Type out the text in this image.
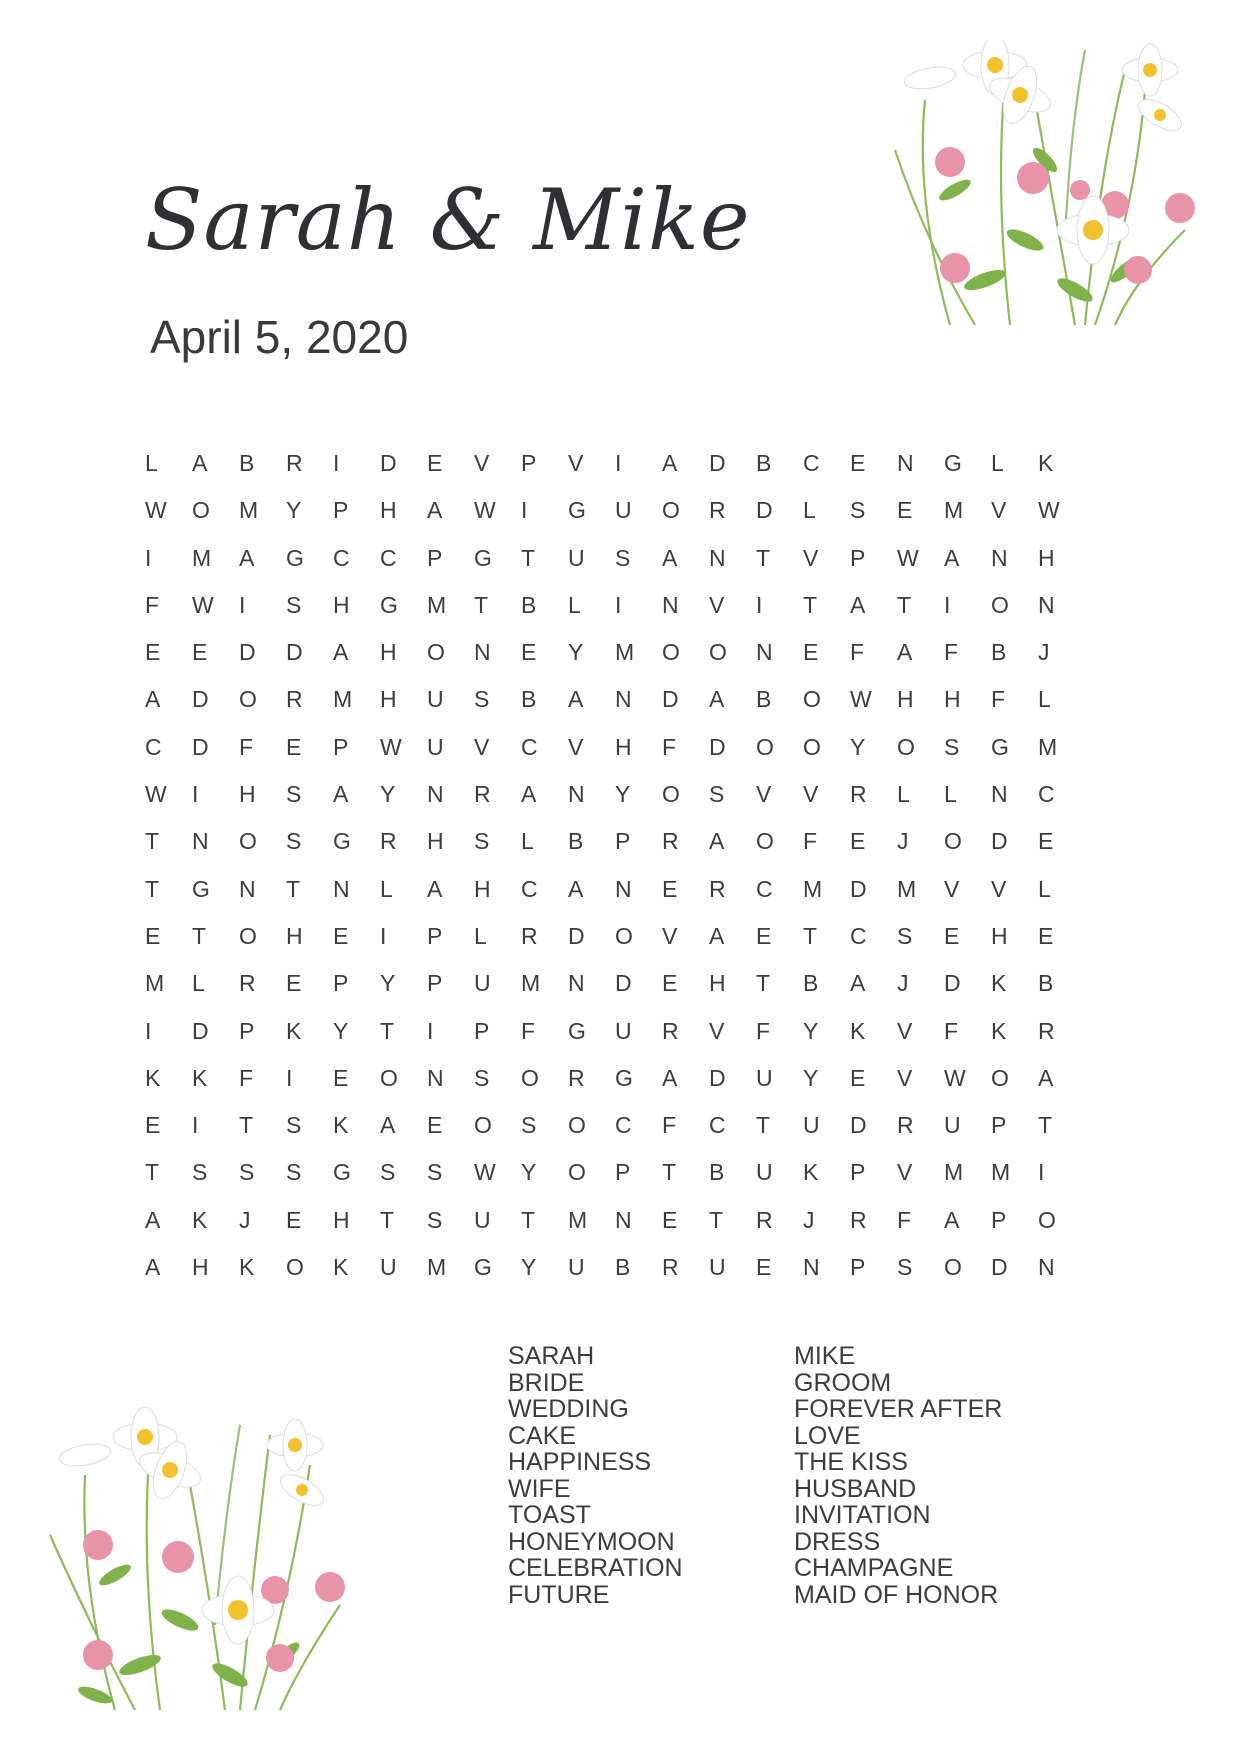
Sarah & Mike
April 5, 2020
L	A	B	R	I	D	E	V	P	V	I	A	D	B	C	E	N	G	L	K
W	O	M	Y	P	H	A	W	I	G	U	O	R	D	L	S	E	M	V	W
I	M	A	G	C	C	P	G	T	U	S	A	N	T	V	P	W	A	N	H
F	W	I	S	H	G	M	T	B	L	I	N	V	I	T	A	T	I	O	N
E	E	D	D	A	H	O	N	E	Y	M	O	O	N	E	F	A	F	B	J
A	D	O	R	M	H	U	S	B	A	N	D	A	B	O	W	H	H	F	L
C	D	F	E	P	W	U	V	C	V	H	F	D	O	O	Y	O	S	G	M
W	I	H	S	A	Y	N	R	A	N	Y	O	S	V	V	R	L	L	N	C
T	N	O	S	G	R	H	S	L	B	P	R	A	O	F	E	J	O	D	E
T	G	N	T	N	L	A	H	C	A	N	E	R	C	M	D	M	V	V	L
E	T	O	H	E	I	P	L	R	D	O	V	A	E	T	C	S	E	H	E
M	L	R	E	P	Y	P	U	M	N	D	E	H	T	B	A	J	D	K	B
I	D	P	K	Y	T	I	P	F	G	U	R	V	F	Y	K	V	F	K	R
K	K	F	I	E	O	N	S	O	R	G	A	D	U	Y	E	V	W	O	A
E	I	T	S	K	A	E	O	S	O	C	F	C	T	U	D	R	U	P	T
T	S	S	S	G	S	S	W	Y	O	P	T	B	U	K	P	V	M	M	I
A	K	J	E	H	T	S	U	T	M	N	E	T	R	J	R	F	A	P	O
A	H	K	O	K	U	M	G	Y	U	B	R	U	E	N	P	S	O	D	N
SARAH
BRIDE
WEDDING
CAKE
HAPPINESS
WIFE
TOAST
HONEYMOON
CELEBRATION
FUTURE
MIKE
GROOM
FOREVER AFTER
LOVE
THE KISS
HUSBAND
INVITATION
DRESS
CHAMPAGNE
MAID OF HONOR
